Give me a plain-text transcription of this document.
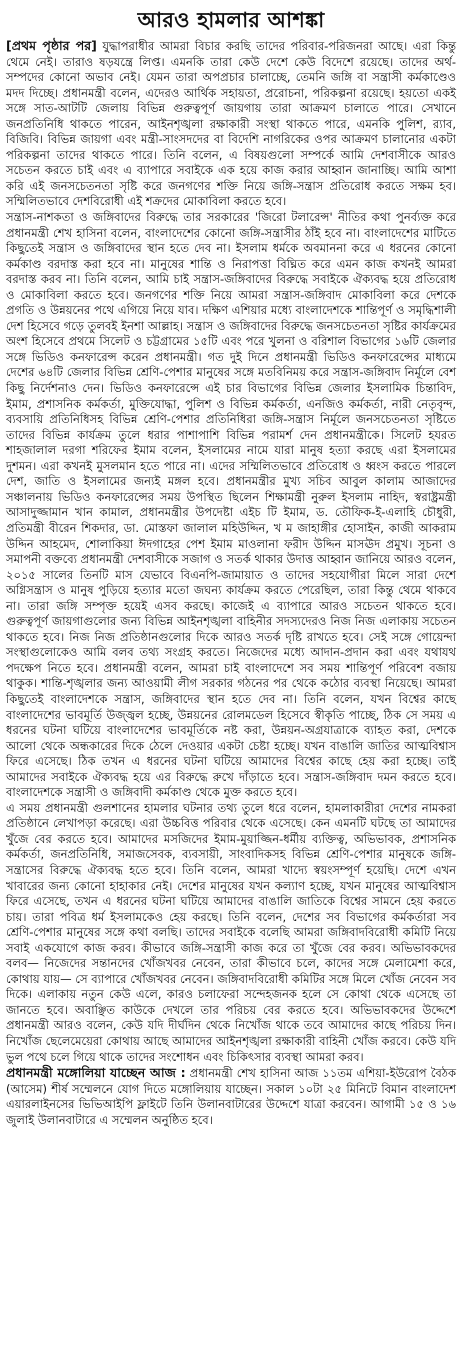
আরও হামলার আশঙ্কা

[প্রথম পৃষ্ঠার পর] যুদ্ধাপরাধীর আমরা বিচার করছি তাদের পরিবার-পরিজনরা আছে। এরা কিন্তু থেমে নেই। তারাও ষড়যন্ত্রে লিপ্ত। এমনকি তারা কেউ দেশে কেউ বিদেশে রয়েছে। তাদের অর্থ-সম্পদের কোনো অভাব নেই। যেমন তারা অপপ্রচার চালাচ্ছে, তেমনি জঙ্গি বা সন্ত্রাসী কর্মকাণ্ডেও মদদ দিচ্ছে। প্রধানমন্ত্রী বলেন, এদেরও আর্থিক সহায়তা, প্ররোচনা, পরিকল্পনা রয়েছে। হয়তো একই সঙ্গে সাত-আটটি জেলায় বিভিন্ন গুরুত্বপূর্ণ জায়গায় তারা আক্রমণ চালাতে পারে। সেখানে জনপ্রতিনিধি থাকতে পারেন, আইনশৃঙ্খলা রক্ষাকারী সংস্থা থাকতে পারে, এমনকি পুলিশ, র‍্যাব, বিজিবি। বিভিন্ন জায়গা এবং মন্ত্রী-সাংসদদের বা বিদেশি নাগরিকের ওপর আক্রমণ চালানোর একটা পরিকল্পনা তাদের থাকতে পারে। তিনি বলেন, এ বিষয়গুলো সম্পর্কে আমি দেশবাসীকে আরও সচেতন করতে চাই এবং এ ব্যাপারে সবাইকে এক হয়ে কাজ করার আহ্বান জানাচ্ছি। আমি আশা করি এই জনসচেতনতা সৃষ্টি করে জনগণের শক্তি নিয়ে জঙ্গি-সন্ত্রাস প্রতিরোধ করতে সক্ষম হব। সম্মিলিতভাবে দেশবিরোধী এই শক্রদের মোকাবিলা করতে হবে।

সন্ত্রাস-নাশকতা ও জঙ্গিবাদের বিরুদ্ধে তার সরকারের 'জিরো টলারেন্স' নীতির কথা পুনর্ব্যক্ত করে প্রধানমন্ত্রী শেখ হাসিনা বলেন, বাংলাদেশের কোনো জঙ্গি-সন্ত্রাসীর ঠাঁই হবে না। বাংলাদেশের মাটিতে কিছুতেই সন্ত্রাস ও জঙ্গিবাদের স্থান হতে দেব না। ইসলাম ধর্মকে অবমাননা করে এ ধরনের কোনো কর্মকাণ্ড বরদাস্ত করা হবে না। মানুষের শান্তি ও নিরাপত্তা বিঘ্নিত করে এমন কাজ কখনই আমরা বরদাস্ত করব না। তিনি বলেন, আমি চাই সন্ত্রাস-জঙ্গিবাদের বিরুদ্ধে সবাইকে ঐক্যবদ্ধ হয়ে প্রতিরোধ ও মোকাবিলা করতে হবে। জনগণের শক্তি নিয়ে আমরা সন্ত্রাস-জঙ্গিবাদ মোকাবিলা করে দেশকে প্রগতি ও উন্নয়নের পথে এগিয়ে নিয়ে যাব। দক্ষিণ এশিয়ার মধ্যে বাংলাদেশকে শান্তিপূর্ণ ও সমৃদ্ধিশালী দেশ হিসেবে গড়ে তুলবই ইনশা আল্লাহ। সন্ত্রাস ও জঙ্গিবাদের বিরুদ্ধে জনসচেতনতা সৃষ্টির কার্যক্রমের অংশ হিসেবে প্রথমে সিলেট ও চট্টগ্রামের ১৫টি এবং পরে খুলনা ও বরিশাল বিভাগের ১৬টি জেলার সঙ্গে ভিডিও কনফারেন্স করেন প্রধানমন্ত্রী। গত দুই দিনে প্রধানমন্ত্রী ভিডিও কনফারেন্সের মাধ্যমে দেশের ৬৪টি জেলার বিভিন্ন শ্রেণি-পেশার মানুষের সঙ্গে মতবিনিময় করে সন্ত্রাস-জঙ্গিবাদ নির্মূলে বেশ কিছু নির্দেশনাও দেন। ভিডিও কনফারেন্সে এই চার বিভাগের বিভিন্ন জেলার ইসলামিক চিন্তাবিদ, ইমাম, প্রশাসনিক কর্মকর্তা, মুক্তিযোদ্ধা, পুলিশ ও বিভিন্ন কর্মকর্তা, এনজিও কর্মকর্তা, নারী নেতৃবৃন্দ, ব্যবসায়ি প্রতিনিধিসহ বিভিন্ন শ্রেণি-পেশার প্রতিনিধিরা জঙ্গি-সন্ত্রাস নির্মূলে জনসচেতনতা সৃষ্টিতে তাদের বিভিন্ন কার্যক্রম তুলে ধরার পাশাপাশি বিভিন্ন পরামর্শ দেন প্রধানমন্ত্রীকে। সিলেট হযরত শাহজালাল দরগা শরিফের ইমাম বলেন, ইসলামের নামে যারা মানুষ হত্যা করছে এরা ইসলামের দুশমন। এরা কখনই মুসলমান হতে পারে না। এদের সম্মিলিতভাবে প্রতিরোধ ও ধ্বংস করতে পারলে দেশ, জাতি ও ইসলামের জন্যই মঙ্গল হবে। প্রধানমন্ত্রীর মুখ্য সচিব আবুল কালাম আজাদের সঞ্চালনায় ভিডিও কনফারেন্সের সময় উপস্থিত ছিলেন শিক্ষামন্ত্রী নুরুল ইসলাম নাহিদ, স্বরাষ্ট্রমন্ত্রী আসাদুজ্জামান খান কামাল, প্রধানমন্ত্রীর উপদেষ্টা এইচ টি ইমাম, ড. তৌফিক-ই-এলাহি চৌধুরী, প্রতিমন্ত্রী বীরেন শিকদার, ডা. মোস্তফা জালাল মহিউদ্দিন, খ ম জাহাঙ্গীর হোসাইন, কাজী আকরাম উদ্দিন আহমেদ, শোলাকিয়া ঈদগাহের পেশ ইমাম মাওলানা ফরীদ উদ্দিন মাসঊদ প্রমুখ। সূচনা ও সমাপনী বক্তব্যে প্রধানমন্ত্রী দেশবাসীকে সজাগ ও সতর্ক থাকার উদাত্ত আহ্বান জানিয়ে আরও বলেন, ২০১৫ সালের তিনটি মাস যেভাবে বিএনপি-জামায়াত ও তাদের সহযোগীরা মিলে সারা দেশে অগ্নিসন্ত্রাস ও মানুষ পুড়িয়ে হত্যার মতো জঘন্য কার্যক্রম করতে পেরেছিল, তারা কিন্তু থেমে থাকবে না। তারা জঙ্গি সম্পৃক্ত হয়েই এসব করছে। কাজেই এ ব্যাপারে আরও সচেতন থাকতে হবে। গুরুত্বপূর্ণ জায়গাগুলোর জন্য বিভিন্ন আইনশৃঙ্খলা বাহিনীর সদস্যদেরও নিজ নিজ এলাকায় সচেতন থাকতে হবে। নিজ নিজ প্রতিষ্ঠানগুলোর দিকে আরও সতর্ক দৃষ্টি রাখতে হবে। সেই সঙ্গে গোয়েন্দা সংস্থাগুলোকেও আমি বলব তথ্য সংগ্রহ করতে। নিজেদের মধ্যে আদান-প্রদান করা এবং যথাযথ পদক্ষেপ নিতে হবে। প্রধানমন্ত্রী বলেন, আমরা চাই বাংলাদেশে সব সময় শান্তিপূর্ণ পরিবেশ বজায় থাকুক। শান্তি-শৃঙ্খলার জন্য আওয়ামী লীগ সরকার গঠনের পর থেকে কঠোর ব্যবস্থা নিয়েছে। আমরা কিছুতেই বাংলাদেশকে সন্ত্রাস, জঙ্গিবাদের স্থান হতে দেব না। তিনি বলেন, যখন বিশ্বের কাছে বাংলাদেশের ভাবমূর্তি উজ্জ্বল হচ্ছে, উন্নয়নের রোলমডেল হিসেবে স্বীকৃতি পাচ্ছে, ঠিক সে সময় এ ধরনের ঘটনা ঘটিয়ে বাংলাদেশের ভাবমূর্তিকে নষ্ট করা, উন্নয়ন-অগ্রযাত্রাকে ব্যাহত করা, দেশকে আলো থেকে অন্ধকারের দিকে ঠেলে দেওয়ার একটা চেষ্টা হচ্ছে। যখন বাঙালি জাতির আত্মবিশ্বাস ফিরে এসেছে। ঠিক তখন এ ধরনের ঘটনা ঘটিয়ে আমাদের বিশ্বের কাছে হেয় করা হচ্ছে। তাই আমাদের সবাইকে ঐক্যবদ্ধ হয়ে এর বিরুদ্ধে রুখে দাঁড়াতে হবে। সন্ত্রাস-জঙ্গিবাদ দমন করতে হবে। বাংলাদেশকে সন্ত্রাসী ও জঙ্গিবাদী কর্মকাণ্ড থেকে মুক্ত করতে হবে।

এ সময় প্রধানমন্ত্রী গুলশানের হামলার ঘটনার তথ্য তুলে ধরে বলেন, হামলাকারীরা দেশের নামকরা প্রতিষ্ঠানে লেখাপড়া করেছে। এরা উচ্চবিত্ত পরিবার থেকে এসেছে। কেন এমনটি ঘটছে তা আমাদের খুঁজে বের করতে হবে। আমাদের মসজিদের ইমাম-মুয়াজ্জিন-ধর্মীয় ব্যক্তিত্ব, অভিভাবক, প্রশাসনিক কর্মকর্তা, জনপ্রতিনিধি, সমাজসেবক, ব্যবসায়ী, সাংবাদিকসহ বিভিন্ন শ্রেণি-পেশার মানুষকে জঙ্গি-সন্ত্রাসের বিরুদ্ধে ঐক্যবদ্ধ হতে হবে। তিনি বলেন, আমরা খাদ্যে স্বয়ংসম্পূর্ণ হয়েছি। দেশে এখন খাবারের জন্য কোনো হাহাকার নেই। দেশের মানুষের যখন কল্যাণ হচ্ছে, যখন মানুষের আত্মবিশ্বাস ফিরে এসেছে, তখন এ ধরনের ঘটনা ঘটিয়ে আমাদের বাঙালি জাতিকে বিশ্বের সামনে হেয় করতে চায়। তারা পবিত্র ধর্ম ইসলামকেও হেয় করছে। তিনি বলেন, দেশের সব বিভাগের কর্মকর্তারা সব শ্রেণি-পেশার মানুষের সঙ্গে কথা বলছি। তাদের সবাইকে বলেছি আমরা জঙ্গিবাদবিরোধী কমিটি নিয়ে সবাই একযোগে কাজ করব। কীভাবে জঙ্গি-সন্ত্রাসী কাজ করে তা খুঁজে বের করব। অভিভাবকদের বলব— নিজেদের সন্তানদের খোঁজখবর নেবেন, তারা কীভাবে চলে, কাদের সঙ্গে মেলামেশা করে, কোথায় যায়— সে ব্যাপারে খোঁজখবর নেবেন। জঙ্গিবাদবিরোধী কমিটির সঙ্গে মিলে খোঁজ নেবেন সব দিকে। এলাকায় নতুন কেউ এলে, কারও চলাফেরা সন্দেহজনক হলে সে কোথা থেকে এসেছে তা জানতে হবে। অবাঞ্ছিত কাউকে দেখলে তার পরিচয় বের করতে হবে। অভিভাবকদের উদ্দেশে প্রধানমন্ত্রী আরও বলেন, কেউ যদি দীর্ঘদিন থেকে নিখোঁজ থাকে তবে আমাদের কাছে পরিচয় দিন। নিখোঁজ ছেলেমেয়েরা কোথায় আছে আমাদের আইনশৃঙ্খলা রক্ষাকারী বাহিনী খোঁজ করবে। কেউ যদি ভুল পথে চলে গিয়ে থাকে তাদের সংশোধন এবং চিকিৎসার ব্যবস্থা আমরা করব।

প্রধানমন্ত্রী মঙ্গোলিয়া যাচ্ছেন আজ : প্রধানমন্ত্রী শেখ হাসিনা আজ ১১তম এশিয়া-ইউরোপ বৈঠক (আসেম) শীর্ষ সম্মেলনে যোগ দিতে মঙ্গোলিয়ায় যাচ্ছেন। সকাল ১০টা ২৫ মিনিটে বিমান বাংলাদেশ এয়ারলাইনসের ভিভিআইপি ফ্লাইটে তিনি উলানবাটারের উদ্দেশে যাত্রা করবেন। আগামী ১৫ ও ১৬ জুলাই উলানবাটারে এ সম্মেলন অনুষ্ঠিত হবে।
